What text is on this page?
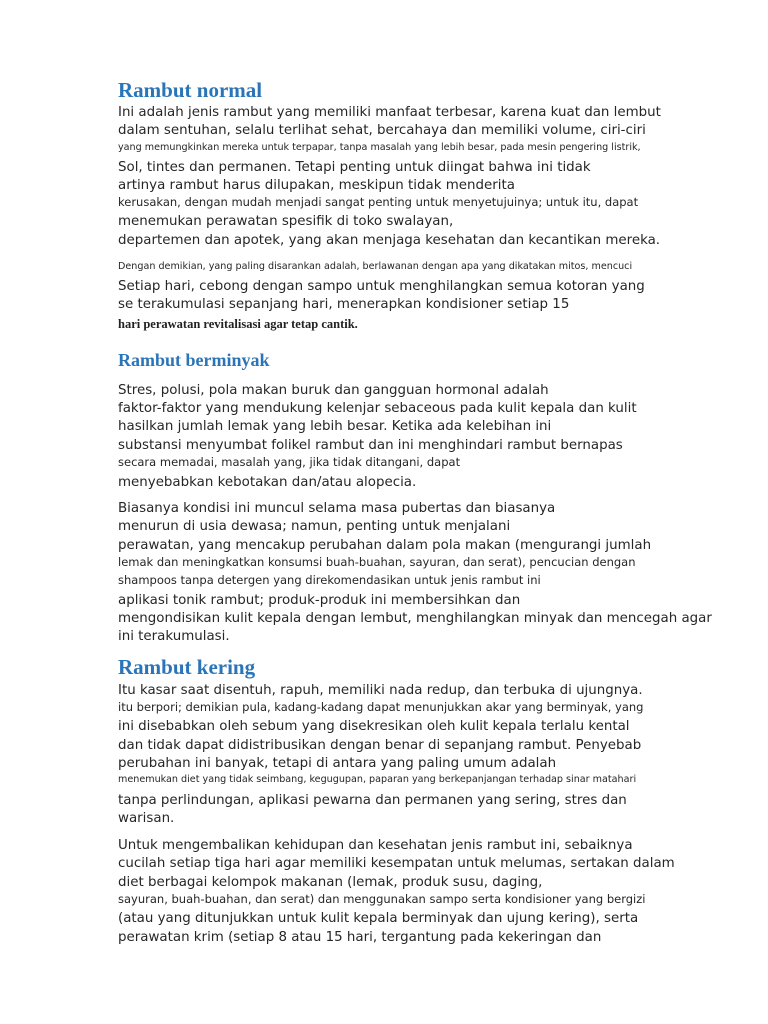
Rambut normal
Ini adalah jenis rambut yang memiliki manfaat terbesar, karena kuat dan lembut
dalam sentuhan, selalu terlihat sehat, bercahaya dan memiliki volume, ciri-ciri
yang memungkinkan mereka untuk terpapar, tanpa masalah yang lebih besar, pada mesin pengering listrik,
Sol, tintes dan permanen. Tetapi penting untuk diingat bahwa ini tidak
artinya rambut harus dilupakan, meskipun tidak menderita
kerusakan, dengan mudah menjadi sangat penting untuk menyetujuinya; untuk itu, dapat
menemukan perawatan spesifik di toko swalayan,
departemen dan apotek, yang akan menjaga kesehatan dan kecantikan mereka.
Dengan demikian, yang paling disarankan adalah, berlawanan dengan apa yang dikatakan mitos, mencuci
Setiap hari, cebong dengan sampo untuk menghilangkan semua kotoran yang
se terakumulasi sepanjang hari, menerapkan kondisioner setiap 15
hari perawatan revitalisasi agar tetap cantik.
Rambut berminyak
Stres, polusi, pola makan buruk dan gangguan hormonal adalah
faktor-faktor yang mendukung kelenjar sebaceous pada kulit kepala dan kulit
hasilkan jumlah lemak yang lebih besar. Ketika ada kelebihan ini
substansi menyumbat folikel rambut dan ini menghindari rambut bernapas
secara memadai, masalah yang, jika tidak ditangani, dapat
menyebabkan kebotakan dan/atau alopecia.
Biasanya kondisi ini muncul selama masa pubertas dan biasanya
menurun di usia dewasa; namun, penting untuk menjalani
perawatan, yang mencakup perubahan dalam pola makan (mengurangi jumlah
lemak dan meningkatkan konsumsi buah-buahan, sayuran, dan serat), pencucian dengan
shampoos tanpa detergen yang direkomendasikan untuk jenis rambut ini
aplikasi tonik rambut; produk-produk ini membersihkan dan
mengondisikan kulit kepala dengan lembut, menghilangkan minyak dan mencegah agar
ini terakumulasi.
Rambut kering
Itu kasar saat disentuh, rapuh, memiliki nada redup, dan terbuka di ujungnya.
itu berpori; demikian pula, kadang-kadang dapat menunjukkan akar yang berminyak, yang
ini disebabkan oleh sebum yang disekresikan oleh kulit kepala terlalu kental
dan tidak dapat didistribusikan dengan benar di sepanjang rambut. Penyebab
perubahan ini banyak, tetapi di antara yang paling umum adalah
menemukan diet yang tidak seimbang, kegugupan, paparan yang berkepanjangan terhadap sinar matahari
tanpa perlindungan, aplikasi pewarna dan permanen yang sering, stres dan
warisan.
Untuk mengembalikan kehidupan dan kesehatan jenis rambut ini, sebaiknya
cucilah setiap tiga hari agar memiliki kesempatan untuk melumas, sertakan dalam
diet berbagai kelompok makanan (lemak, produk susu, daging,
sayuran, buah-buahan, dan serat) dan menggunakan sampo serta kondisioner yang bergizi
(atau yang ditunjukkan untuk kulit kepala berminyak dan ujung kering), serta
perawatan krim (setiap 8 atau 15 hari, tergantung pada kekeringan dan
